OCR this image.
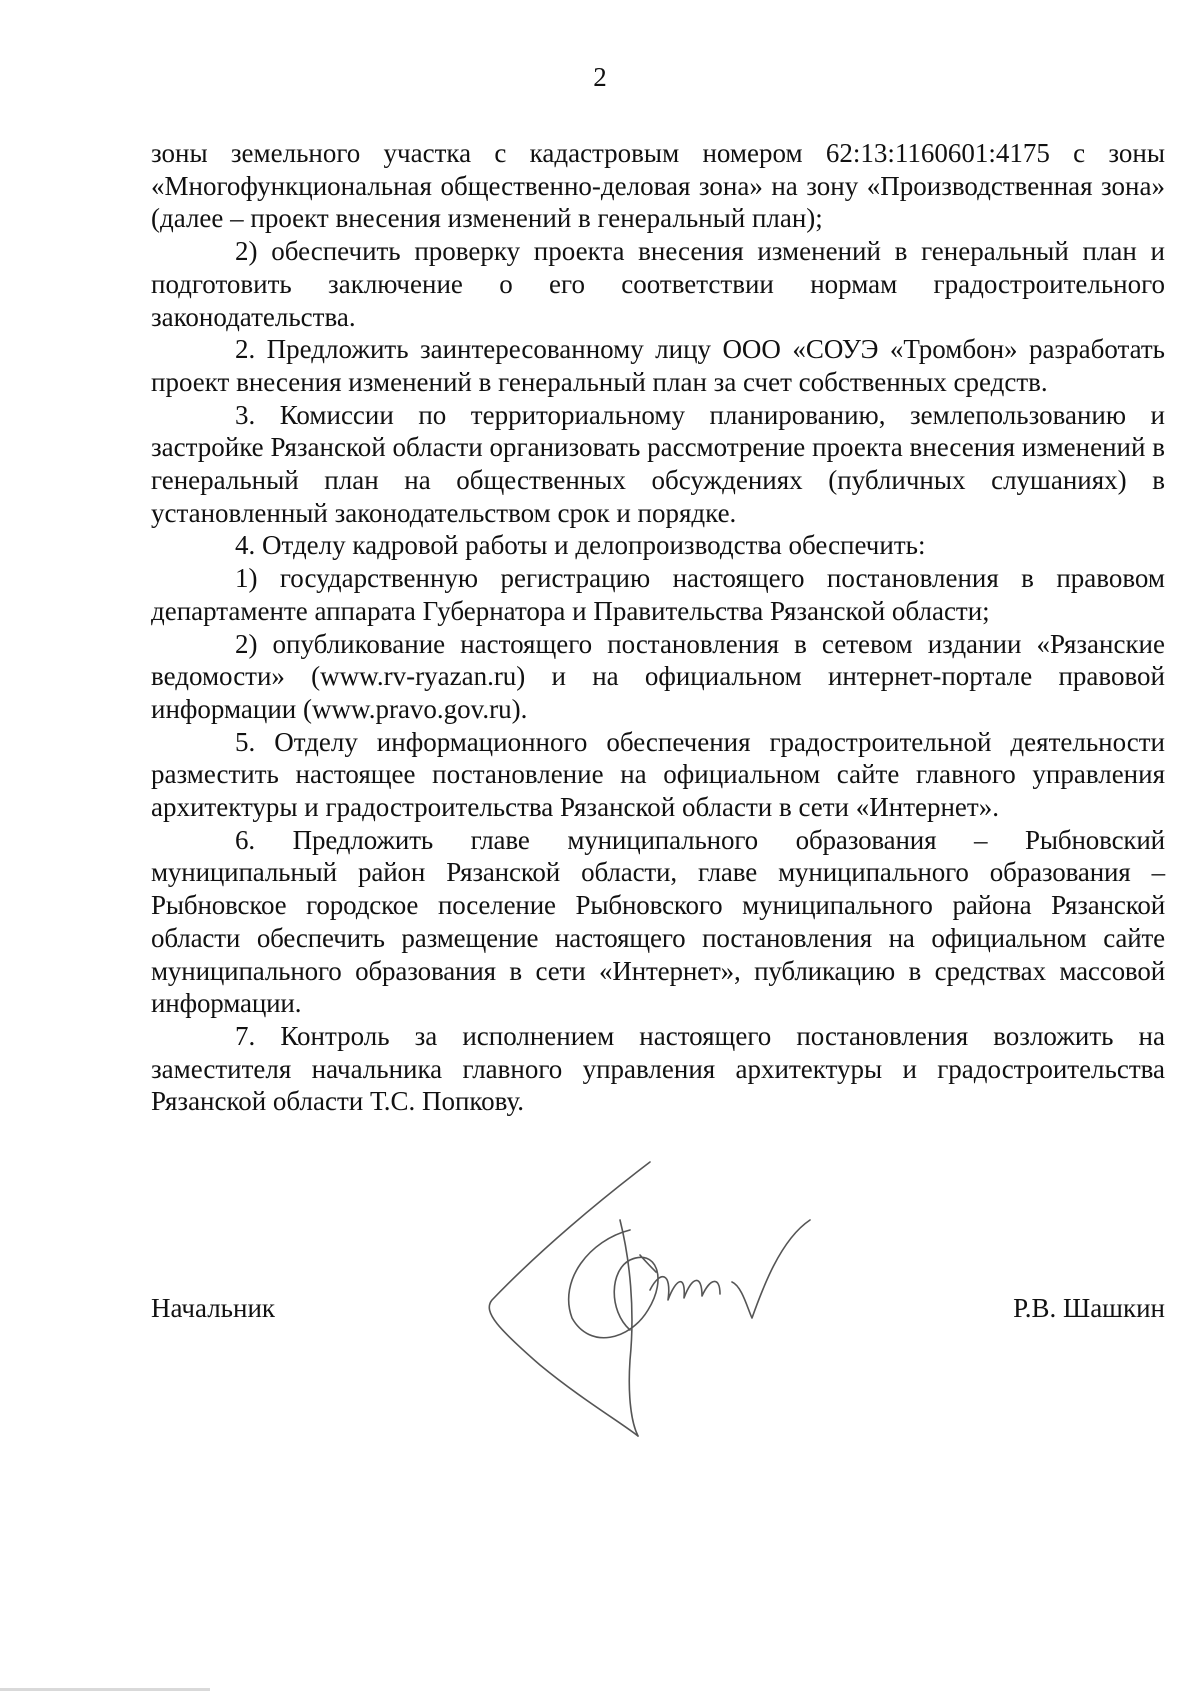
2

зоны земельного участка с кадастровым номером 62:13:1160601:4175 с зоны «Многофункциональная общественно-деловая зона» на зону «Производственная зона» (далее – проект внесения изменений в генеральный план);

2) обеспечить проверку проекта внесения изменений в генеральный план и подготовить заключение о его соответствии нормам градостроительного законодательства.

2. Предложить заинтересованному лицу ООО «СОУЭ «Тромбон» разработать проект внесения изменений в генеральный план за счет собственных средств.

3. Комиссии по территориальному планированию, землепользованию и застройке Рязанской области организовать рассмотрение проекта внесения изменений в генеральный план на общественных обсуждениях (публичных слушаниях) в установленный законодательством срок и порядке.

4. Отделу кадровой работы и делопроизводства обеспечить:

1) государственную регистрацию настоящего постановления в правовом департаменте аппарата Губернатора и Правительства Рязанской области;

2) опубликование настоящего постановления в сетевом издании «Рязанские ведомости» (www.rv-ryazan.ru) и на официальном интернет-портале правовой информации (www.pravo.gov.ru).

5. Отделу информационного обеспечения градостроительной деятельности разместить настоящее постановление на официальном сайте главного управления архитектуры и градостроительства Рязанской области в сети «Интернет».

6. Предложить главе муниципального образования – Рыбновский муниципальный район Рязанской области, главе муниципального образования – Рыбновское городское поселение Рыбновского муниципального района Рязанской области обеспечить размещение настоящего постановления на официальном сайте муниципального образования в сети «Интернет», публикацию в средствах массовой информации.

7. Контроль за исполнением настоящего постановления возложить на заместителя начальника главного управления архитектуры и градостроительства Рязанской области Т.С. Попкову.

Начальник	Р.В. Шашкин
